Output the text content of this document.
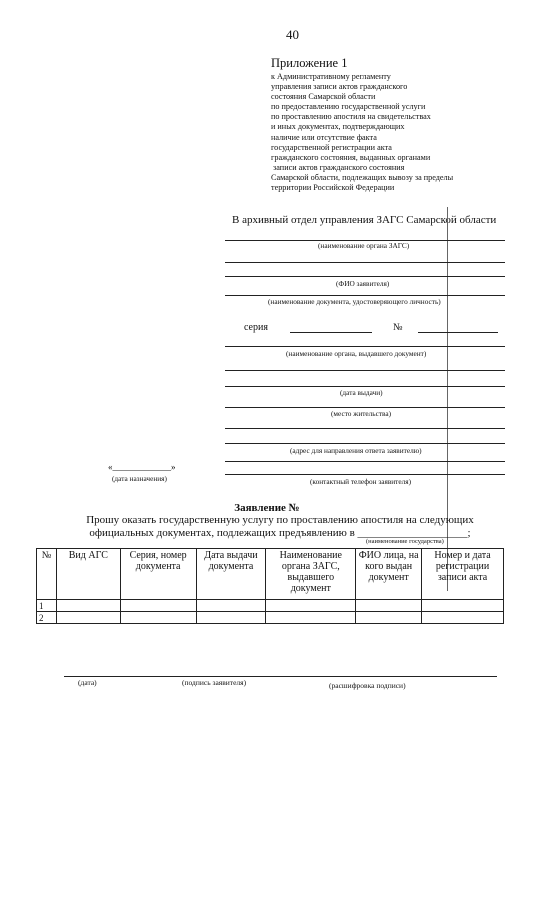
40
Приложение 1
к Административному регламенту
управления записи актов гражданского
состояния Самарской области
по предоставлению государственной услуги
по проставлению апостиля на свидетельствах
и иных документах, подтверждающих
наличие или отсутствие факта
государственной регистрации акта
гражданского состояния, выданных органами
записи актов гражданского состояния
Самарской области, подлежащих вывозу за пределы
территории Российской Федерации
В архивный отдел управления ЗАГС Самарской области
(наименование органа ЗАГС)
(ФИО заявителя)
(наименование документа, удостоверяющего личность)
серия	№
(наименование органа, выдавшего документ)
(дата выдачи)
(место жительства)
(адрес для направления ответа заявителю)
(контактный телефон заявителя)
«_____________»
(дата назначения)
Заявление №
Прошу оказать государственную услугу по проставлению апостиля на следующих
официальных документах, подлежащих предъявлению в ____________________;
(наименование государства)
№	Вид АГС	Серия, номер документа	Дата выдачи документа	Наименование органа ЗАГС, выдавшего документ	ФИО лица, на кого выдан документ	Номер и дата регистрации записи акта
1						
2						
(дата)	(подпись заявителя)	(расшифровка подписи)
